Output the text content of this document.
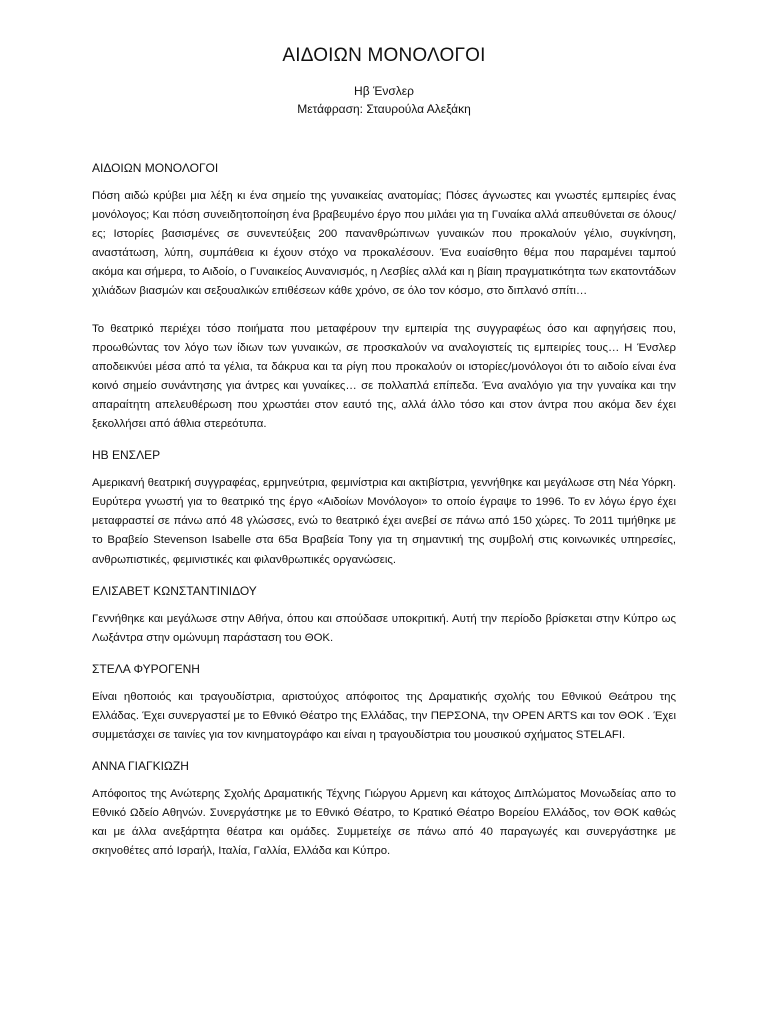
ΑΙΔΟΙΩΝ ΜΟΝΟΛΟΓΟΙ

Ηβ Ένσλερ

Μετάφραση: Σταυρούλα Αλεξάκη

ΑΙΔΟΙΩΝ ΜΟΝΟΛΟΓΟΙ

Πόση αιδώ κρύβει μια λέξη κι ένα σημείο της γυναικείας ανατομίας; Πόσες άγνωστες και γνωστές εμπειρίες ένας μονόλογος; Και πόση συνειδητοποίηση ένα βραβευμένο έργο που μιλάει για τη Γυναίκα αλλά απευθύνεται σε όλους/ες; Ιστορίες βασισμένες σε συνεντεύξεις 200 πανανθρώπινων γυναικών που προκαλούν γέλιο, συγκίνηση, αναστάτωση, λύπη, συμπάθεια κι έχουν στόχο να προκαλέσουν. Ένα ευαίσθητο θέμα που παραμένει ταμπού ακόμα και σήμερα, το Αιδοίο, ο Γυναικείος Αυνανισμός, η Λεσβίες αλλά και η βίαιη πραγματικότητα των εκατοντάδων χιλιάδων βιασμών και σεξουαλικών επιθέσεων κάθε χρόνο, σε όλο τον κόσμο, στο διπλανό σπίτι…

Το θεατρικό περιέχει τόσο ποιήματα που μεταφέρουν την εμπειρία της συγγραφέως όσο και αφηγήσεις που, προωθώντας τον λόγο των ίδιων των γυναικών, σε προσκαλούν να αναλογιστείς τις εμπειρίες τους… Η Ένσλερ αποδεικνύει μέσα από τα γέλια, τα δάκρυα και τα ρίγη που προκαλούν οι ιστορίες/μονόλογοι ότι το αιδοίο είναι ένα κοινό σημείο συνάντησης για άντρες και γυναίκες… σε πολλαπλά επίπεδα. Ένα αναλόγιο για την γυναίκα και την απαραίτητη απελευθέρωση που χρωστάει στον εαυτό της, αλλά άλλο τόσο και στον άντρα που ακόμα δεν έχει ξεκολλήσει από άθλια στερεότυπα.

ΗΒ ΕΝΣΛΕΡ

Αμερικανή θεατρική συγγραφέας, ερμηνεύτρια, φεμινίστρια και ακτιβίστρια, γεννήθηκε και μεγάλωσε στη Νέα Υόρκη. Ευρύτερα γνωστή για το θεατρικό της έργο «Αιδοίων Μονόλογοι» το οποίο έγραψε το 1996. Το εν λόγω έργο έχει μεταφραστεί σε πάνω από 48 γλώσσες, ενώ το θεατρικό έχει ανεβεί σε πάνω από 150 χώρες. Το 2011 τιμήθηκε με το Βραβείο Stevenson Isabelle στα 65α Βραβεία Tony για τη σημαντική της συμβολή στις κοινωνικές υπηρεσίες, ανθρωπιστικές, φεμινιστικές και φιλανθρωπικές οργανώσεις.

ΕΛΙΣΑΒΕΤ ΚΩΝΣΤΑΝΤΙΝΙΔΟΥ

Γεννήθηκε και μεγάλωσε στην Αθήνα, όπου και σπούδασε υποκριτική. Αυτή την περίοδο βρίσκεται στην Κύπρο ως Λωξάντρα στην ομώνυμη παράσταση του ΘΟΚ.

ΣΤΕΛΑ ΦΥΡΟΓΕΝΗ

Είναι ηθοποιός και τραγουδίστρια, αριστούχος απόφοιτος της Δραματικής σχολής του Εθνικού Θεάτρου της Ελλάδας. Έχει συνεργαστεί με το Εθνικό Θέατρο της Ελλάδας, την ΠΕΡΣΟΝΑ, την OPEN ARTS και τον ΘΟΚ . Έχει συμμετάσχει σε ταινίες για τον κινηματογράφο και είναι η τραγουδίστρια του μουσικού σχήματος STELAFI.

ΑΝΝΑ ΓΙΑΓΚΙΩΖΗ

Απόφοιτος της Ανώτερης Σχολής Δραματικής Τέχνης Γιώργου Αρμενη και κάτοχος Διπλώματος Μονωδείας απο το Εθνικό Ωδείο Αθηνών. Συνεργάστηκε με το Εθνικό Θέατρο, το Κρατικό Θέατρο Βορείου Ελλάδος, τον ΘΟΚ καθώς και με άλλα ανεξάρτητα θέατρα και ομάδες. Συμμετείχε σε πάνω από 40 παραγωγές και συνεργάστηκε με σκηνοθέτες από Ισραήλ, Ιταλία, Γαλλία, Ελλάδα και Κύπρο.
